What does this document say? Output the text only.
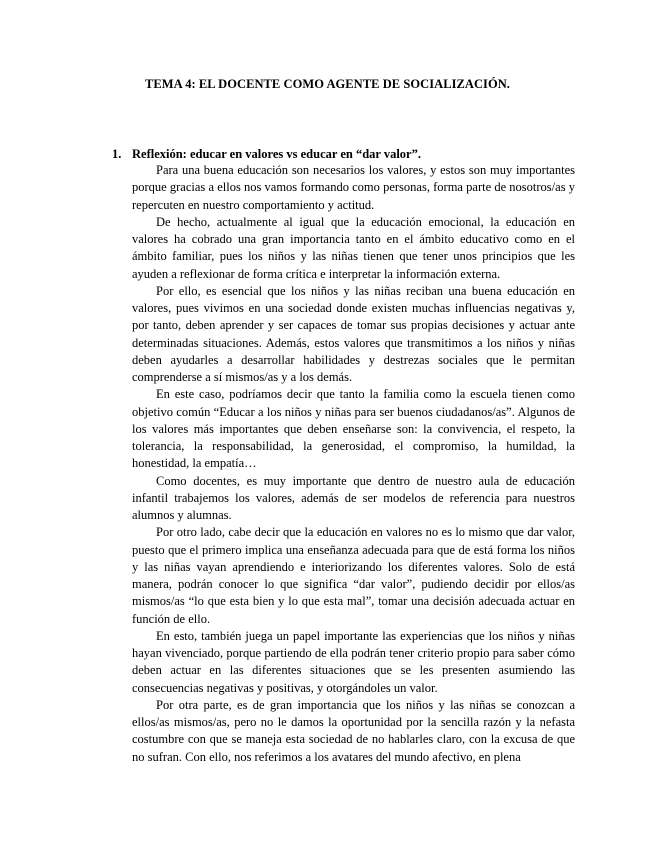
TEMA 4: EL DOCENTE COMO AGENTE DE SOCIALIZACIÓN.
1. Reflexión: educar en valores vs educar en “dar valor”.

Para una buena educación son necesarios los valores, y estos son muy importantes porque gracias a ellos nos vamos formando como personas, forma parte de nosotros/as y repercuten en nuestro comportamiento y actitud.

De hecho, actualmente al igual que la educación emocional, la educación en valores ha cobrado una gran importancia tanto en el ámbito educativo como en el ámbito familiar, pues los niños y las niñas tienen que tener unos principios que les ayuden a reflexionar de forma crítica e interpretar la información externa.

Por ello, es esencial que los niños y las niñas reciban una buena educación en valores, pues vivimos en una sociedad donde existen muchas influencias negativas y, por tanto, deben aprender y ser capaces de tomar sus propias decisiones y actuar ante determinadas situaciones. Además, estos valores que transmitimos a los niños y niñas deben ayudarles a desarrollar habilidades y destrezas sociales que le permitan comprenderse a sí mismos/as y a los demás.

En este caso, podríamos decir que tanto la familia como la escuela tienen como objetivo común “Educar a los niños y niñas para ser buenos ciudadanos/as”. Algunos de los valores más importantes que deben enseñarse son: la convivencia, el respeto, la tolerancia, la responsabilidad, la generosidad, el compromiso, la humildad, la honestidad, la empatía…

Como docentes, es muy importante que dentro de nuestro aula de educación infantil trabajemos los valores, además de ser modelos de referencia para nuestros alumnos y alumnas.

Por otro lado, cabe decir que la educación en valores no es lo mismo que dar valor, puesto que el primero implica una enseñanza adecuada para que de está forma los niños y las niñas vayan aprendiendo e interiorizando los diferentes valores. Solo de está manera, podrán conocer lo que significa “dar valor”, pudiendo decidir por ellos/as mismos/as “lo que esta bien y lo que esta mal”, tomar una decisión adecuada actuar en función de ello.

En esto, también juega un papel importante las experiencias que los niños y niñas hayan vivenciado, porque partiendo de ella podrán tener criterio propio para saber cómo deben actuar en las diferentes situaciones que se les presenten asumiendo las consecuencias negativas y positivas, y otorgándoles un valor.

Por otra parte, es de gran importancia que los niños y las niñas se conozcan a ellos/as mismos/as, pero no le damos la oportunidad por la sencilla razón y la nefasta costumbre con que se maneja esta sociedad de no hablarles claro, con la excusa de que no sufran. Con ello, nos referimos a los avatares del mundo afectivo, en plena
